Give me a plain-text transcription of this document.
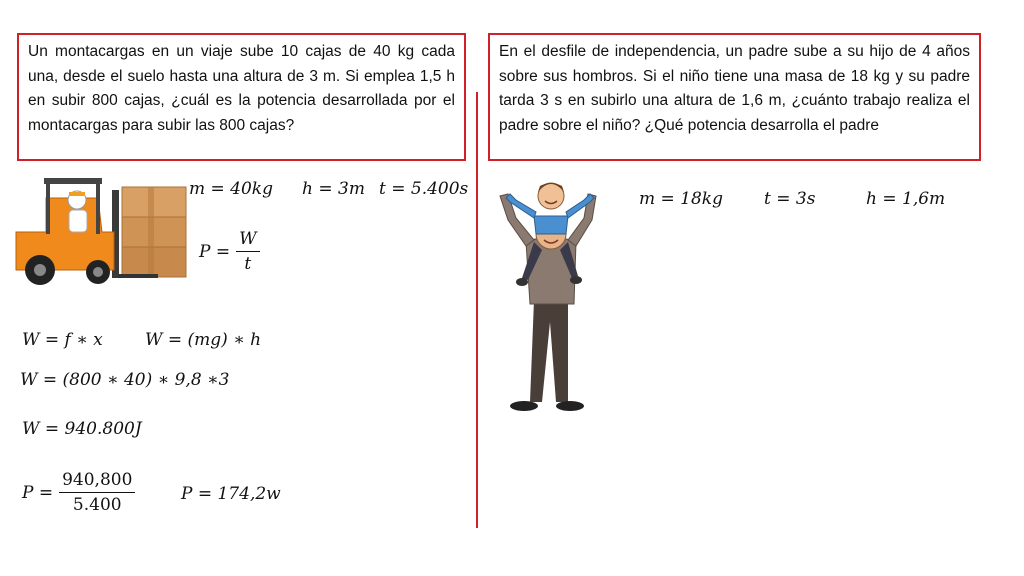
Un montacargas en un viaje sube 10 cajas de 40 kg cada una, desde el suelo hasta una altura de 3 m. Si emplea 1,5 h en subir 800 cajas, ¿cuál es la potencia desarrollada por el montacargas para subir las 800 cajas?
m = 40kg h = 3m t = 5.400s
$P = \frac{W}{t}$
W = f ∗ x W = (mg) ∗ h
W = (800 ∗ 40) ∗ 9,8 ∗3
W = 940.800J
$P = \frac{940,800}{5.400}$	P = 174,2w
En el desfile de independencia, un padre sube a su hijo de 4 años sobre sus hombros. Si el niño tiene una masa de 18 kg y su padre tarda 3 s en subirlo una altura de 1,6 m, ¿cuánto trabajo realiza el padre sobre el niño? ¿Qué potencia desarrolla el padre
m = 18kg t = 3s	h = 1,6m
